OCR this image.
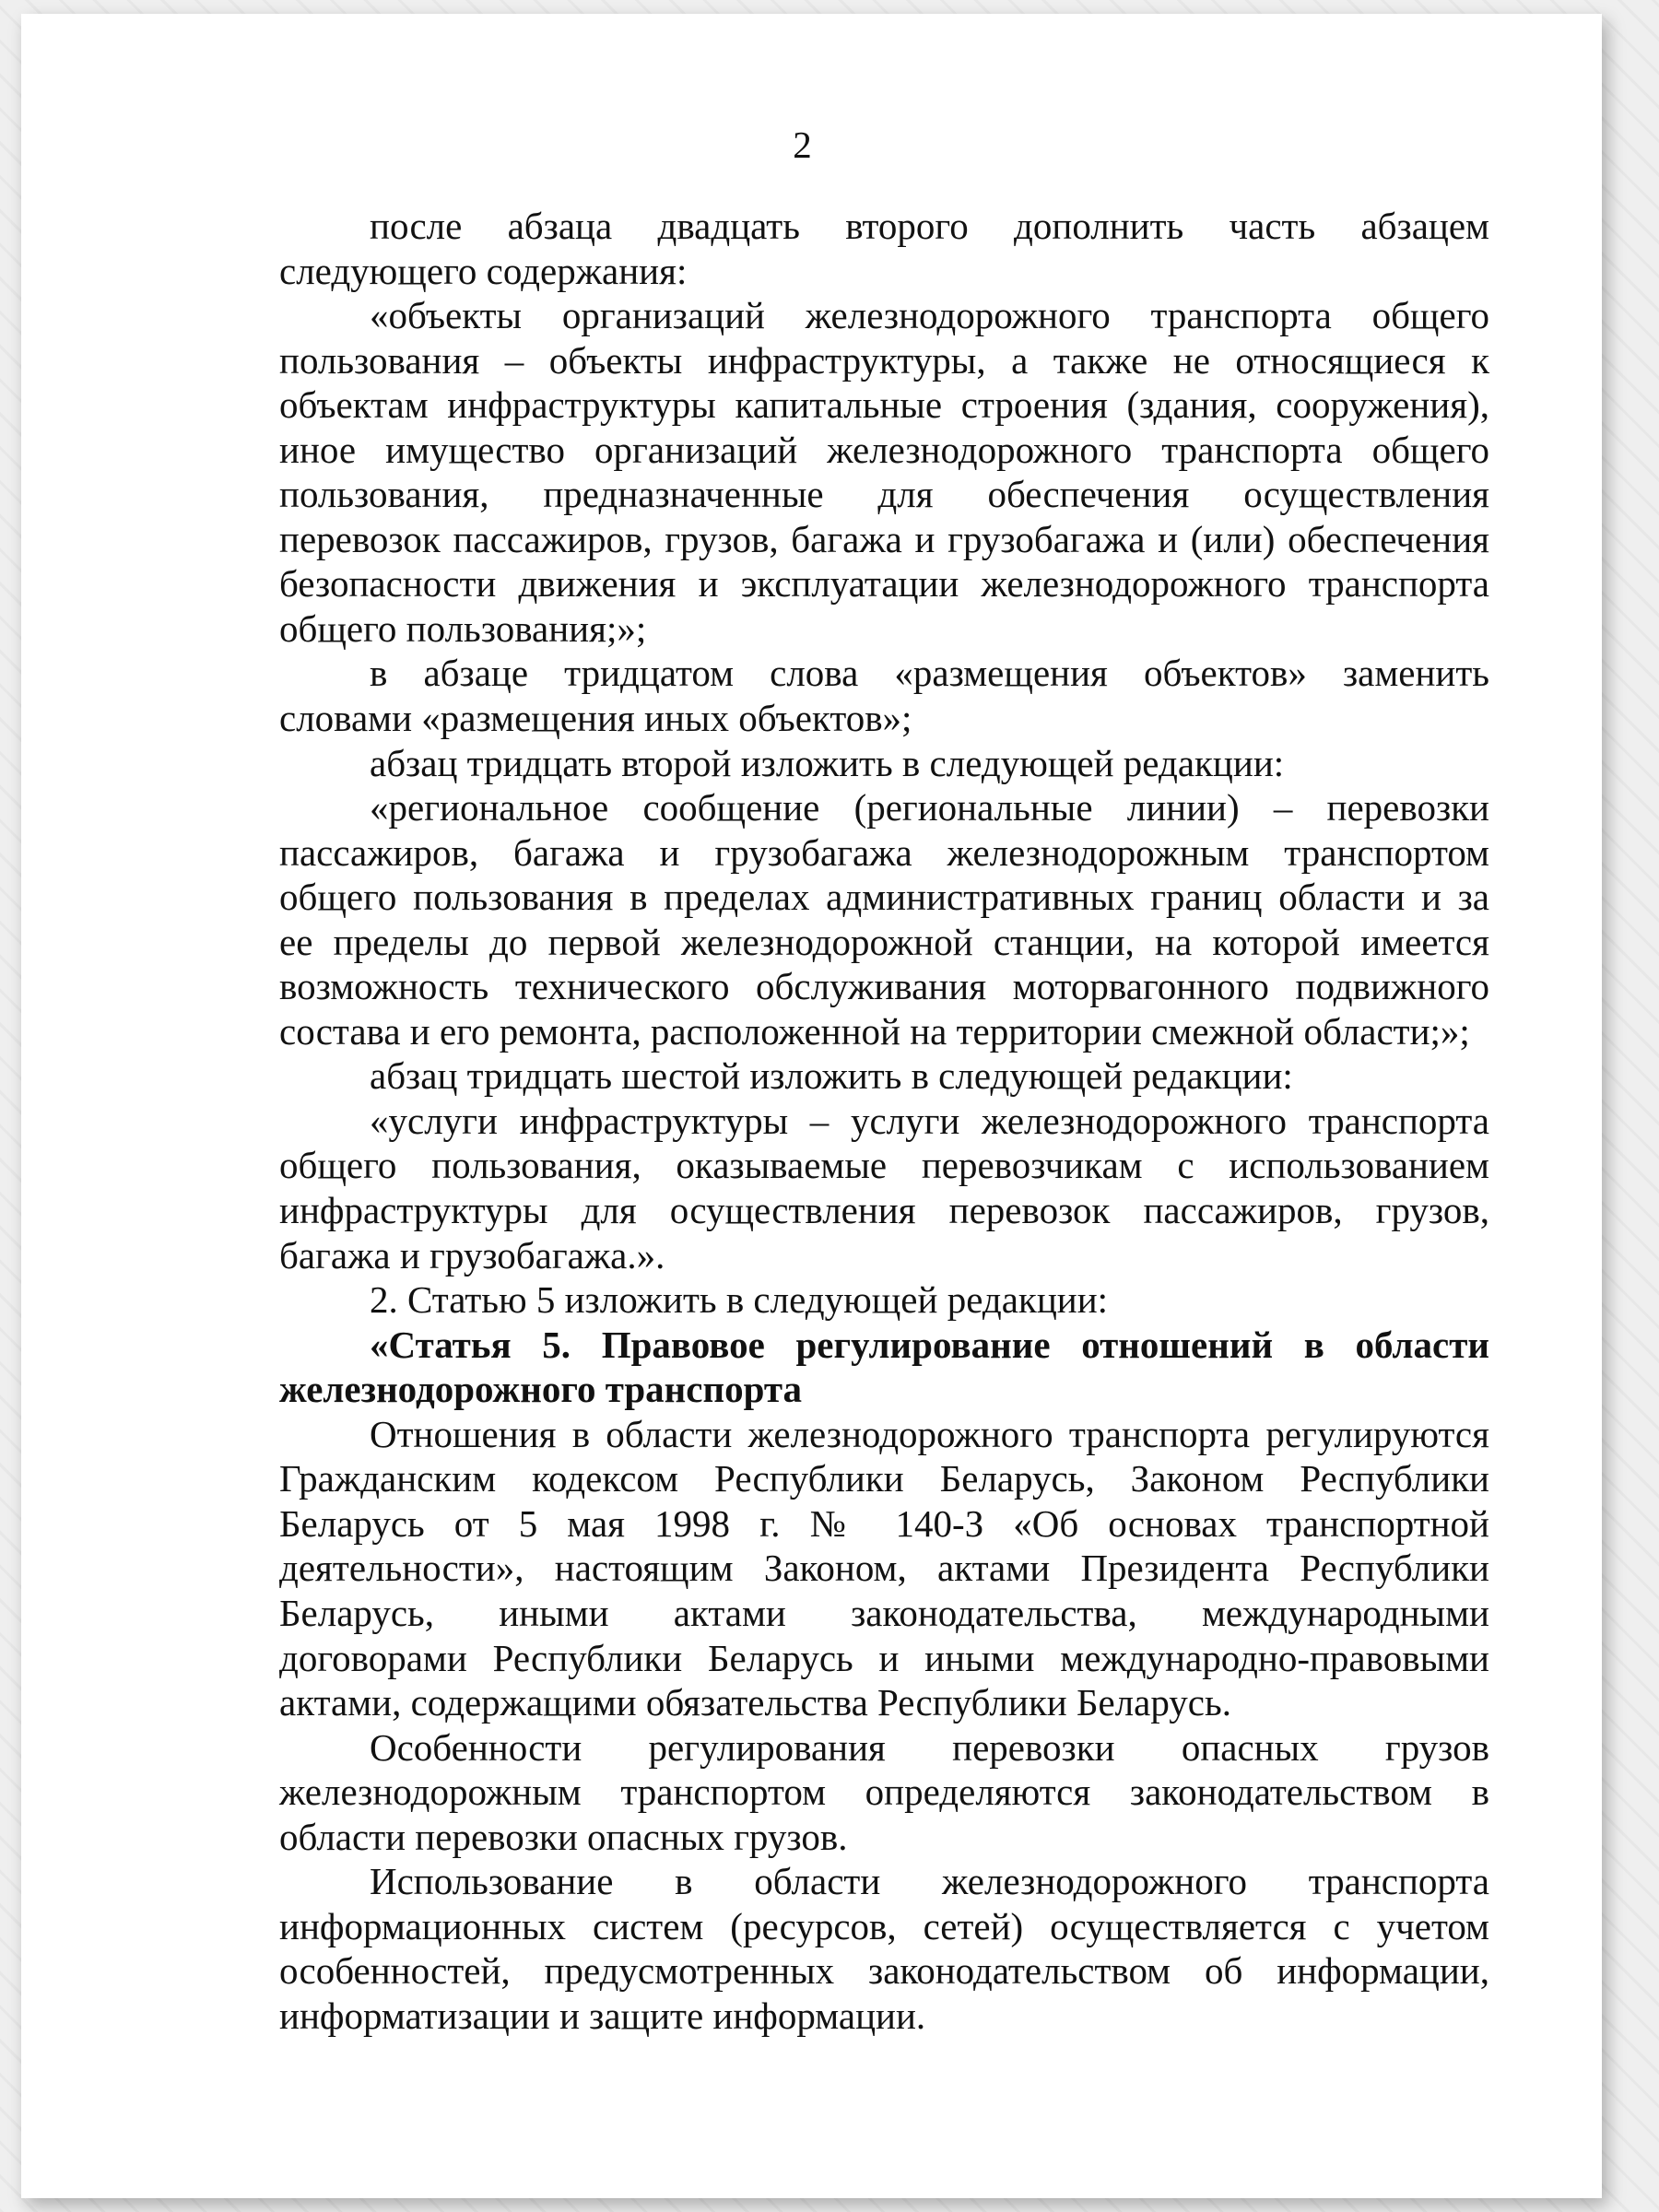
2
после абзаца двадцать второго дополнить часть абзацем
следующего содержания:
«объекты организаций железнодорожного транспорта общего
пользования – объекты инфраструктуры, а также не относящиеся к
объектам инфраструктуры капитальные строения (здания, сооружения),
иное имущество организаций железнодорожного транспорта общего
пользования, предназначенные для обеспечения осуществления
перевозок пассажиров, грузов, багажа и грузобагажа и (или) обеспечения
безопасности движения и эксплуатации железнодорожного транспорта
общего пользования;»;
в абзаце тридцатом слова «размещения объектов» заменить
словами «размещения иных объектов»;
абзац тридцать второй изложить в следующей редакции:
«региональное сообщение (региональные линии) – перевозки
пассажиров, багажа и грузобагажа железнодорожным транспортом
общего пользования в пределах административных границ области и за
ее пределы до первой железнодорожной станции, на которой имеется
возможность технического обслуживания моторвагонного подвижного
состава и его ремонта, расположенной на территории смежной области;»;
абзац тридцать шестой изложить в следующей редакции:
«услуги инфраструктуры – услуги железнодорожного транспорта
общего пользования, оказываемые перевозчикам с использованием
инфраструктуры для осуществления перевозок пассажиров, грузов,
багажа и грузобагажа.».
2. Статью 5 изложить в следующей редакции:
«Статья 5. Правовое регулирование отношений в области
железнодорожного транспорта
Отношения в области железнодорожного транспорта регулируются
Гражданским кодексом Республики Беларусь, Законом Республики
Беларусь от 5 мая 1998 г. № 140-З «Об основах транспортной
деятельности», настоящим Законом, актами Президента Республики
Беларусь, иными актами законодательства, международными
договорами Республики Беларусь и иными международно-правовыми
актами, содержащими обязательства Республики Беларусь.
Особенности регулирования перевозки опасных грузов
железнодорожным транспортом определяются законодательством в
области перевозки опасных грузов.
Использование в области железнодорожного транспорта
информационных систем (ресурсов, сетей) осуществляется с учетом
особенностей, предусмотренных законодательством об информации,
информатизации и защите информации.
